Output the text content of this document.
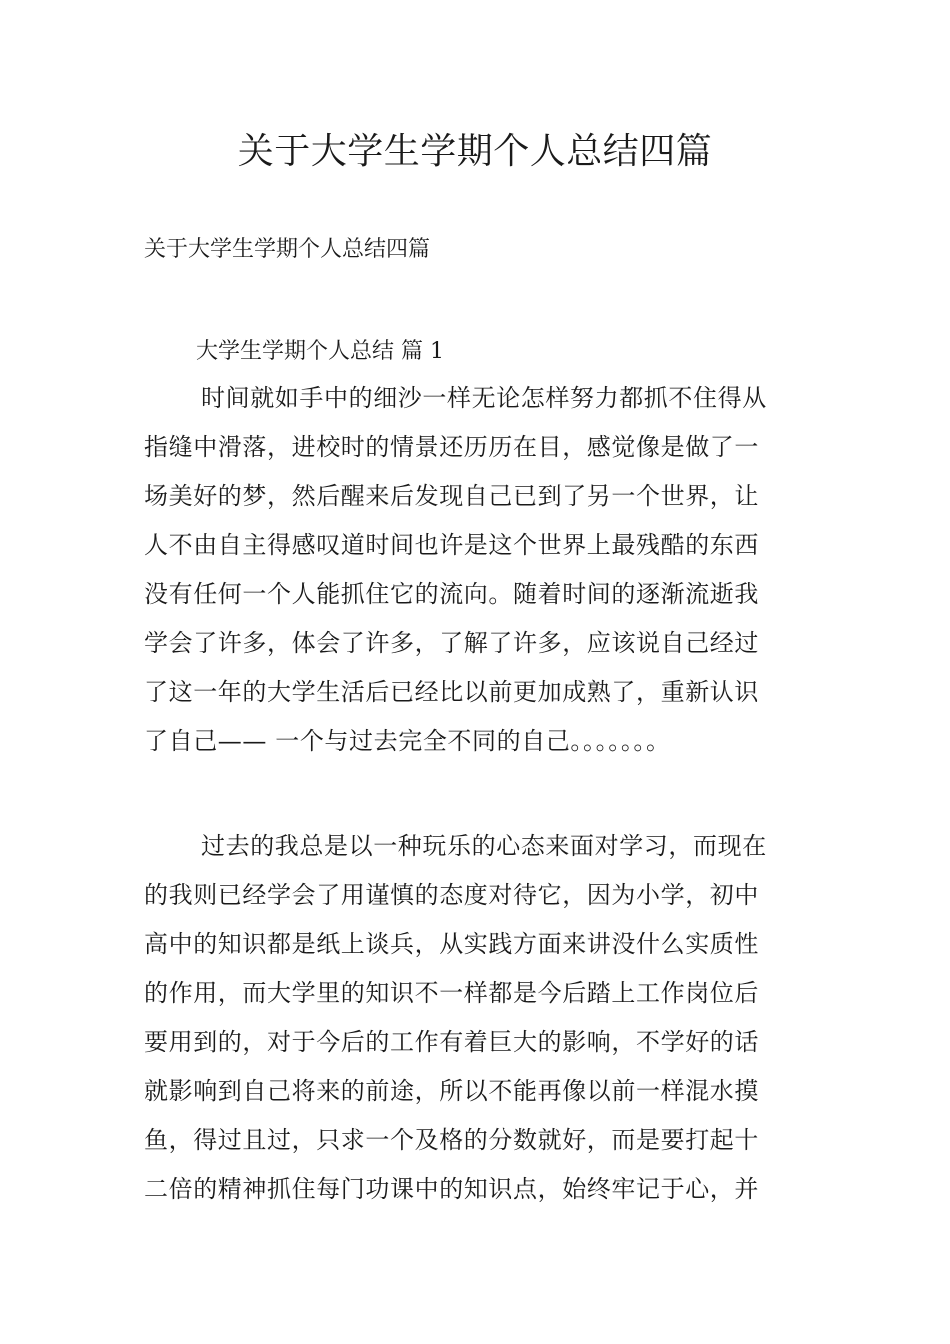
关于大学生学期个人总结四篇

关于大学生学期个人总结四篇

大学生学期个人总结 篇 1

时间就如手中的细沙一样无论怎样努力都抓不住得从
指缝中滑落，进校时的情景还历历在目，感觉像是做了一
场美好的梦，然后醒来后发现自己已到了另一个世界，让
人不由自主得感叹道时间也许是这个世界上最残酷的东西
没有任何一个人能抓住它的流向。随着时间的逐渐流逝我
学会了许多，体会了许多，了解了许多，应该说自己经过
了这一年的大学生活后已经比以前更加成熟了，重新认识
了自己—— 一个与过去完全不同的自己。。。。。。。
过去的我总是以一种玩乐的心态来面对学习，而现在
的我则已经学会了用谨慎的态度对待它，因为小学，初中
高中的知识都是纸上谈兵，从实践方面来讲没什么实质性
的作用，而大学里的知识不一样都是今后踏上工作岗位后
要用到的，对于今后的工作有着巨大的影响，不学好的话
就影响到自己将来的前途，所以不能再像以前一样混水摸
鱼，得过且过，只求一个及格的分数就好，而是要打起十
二倍的精神抓住每门功课中的知识点，始终牢记于心，并
